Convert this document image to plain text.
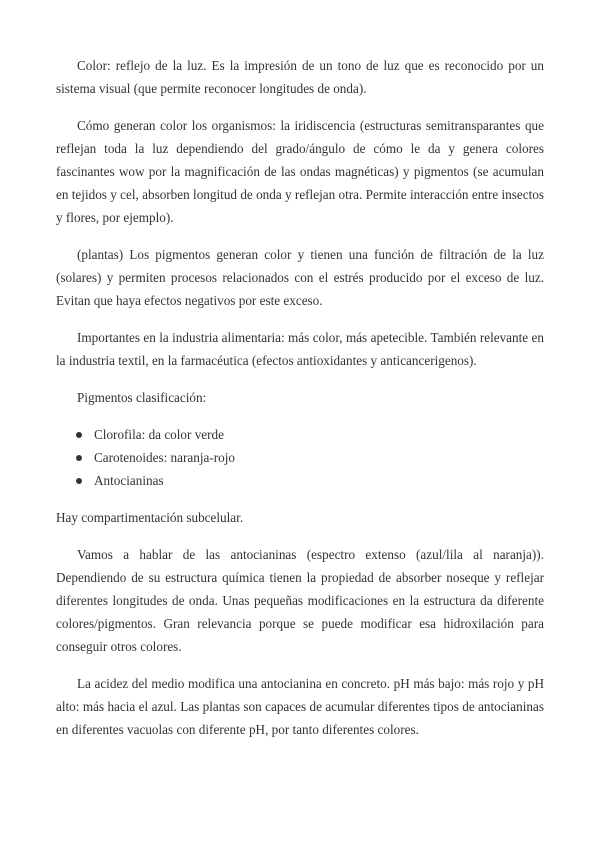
Color: reflejo de la luz. Es la impresión de un tono de luz que es reconocido por un sistema visual (que permite reconocer longitudes de onda).

Cómo generan color los organismos: la iridiscencia (estructuras semitransparantes que reflejan toda la luz dependiendo del grado/ángulo de cómo le da y genera colores fascinantes wow por la magnificación de las ondas magnéticas) y pigmentos (se acumulan en tejidos y cel, absorben longitud de onda y reflejan otra. Permite interacción entre insectos y flores, por ejemplo).

(plantas) Los pigmentos generan color y tienen una función de filtración de la luz (solares) y permiten procesos relacionados con el estrés producido por el exceso de luz. Evitan que haya efectos negativos por este exceso.

Importantes en la industria alimentaria: más color, más apetecible. También relevante en la industria textil, en la farmacéutica (efectos antioxidantes y anticancerigenos).

Pigmentos clasificación:

Clorofila: da color verde
Carotenoides: naranja-rojo
Antocianinas

Hay compartimentación subcelular.

Vamos a hablar de las antocianinas (espectro extenso (azul/lila al naranja)). Dependiendo de su estructura química tienen la propiedad de absorber noseque y reflejar diferentes longitudes de onda. Unas pequeñas modificaciones en la estructura da diferente colores/pigmentos. Gran relevancia porque se puede modificar esa hidroxilación para conseguir otros colores.

La acidez del medio modifica una antocianina en concreto. pH más bajo: más rojo y pH alto: más hacia el azul. Las plantas son capaces de acumular diferentes tipos de antocianinas en diferentes vacuolas con diferente pH, por tanto diferentes colores.
